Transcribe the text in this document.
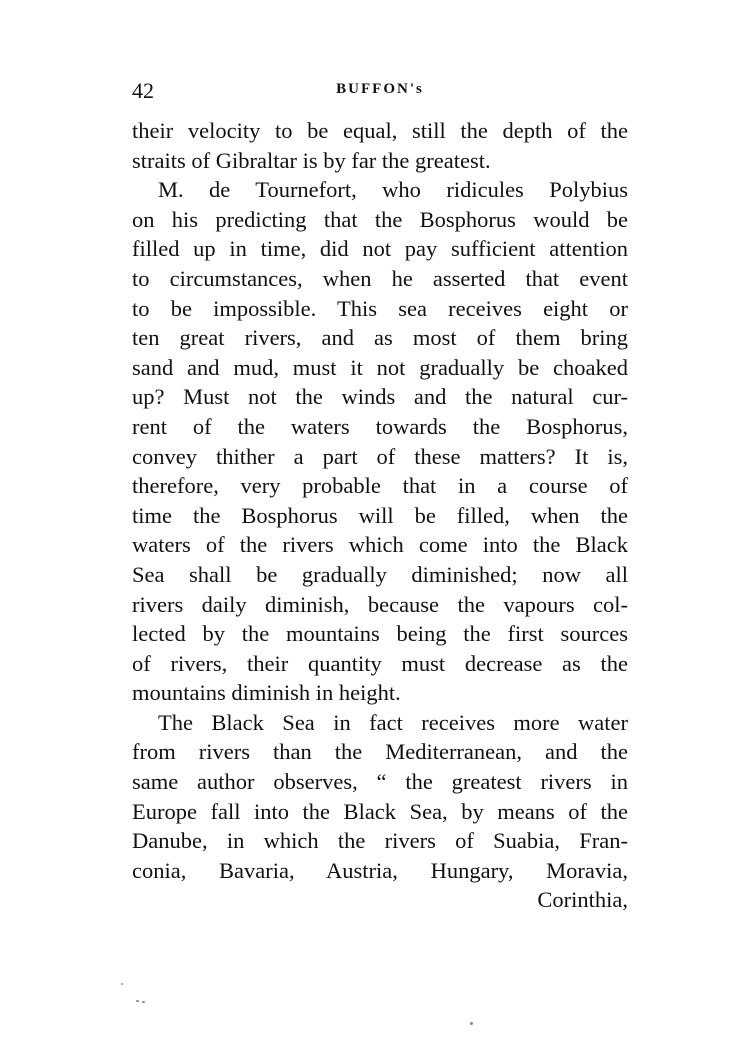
42	BUFFON's
their velocity to be equal, still the depth of the
straits of Gibraltar is by far the greatest.
M. de Tournefort, who ridicules Polybius
on his predicting that the Bosphorus would be
filled up in time, did not pay sufficient attention
to circumstances, when he asserted that event
to be impossible. This sea receives eight or
ten great rivers, and as most of them bring
sand and mud, must it not gradually be choaked
up? Must not the winds and the natural cur-
rent of the waters towards the Bosphorus,
convey thither a part of these matters? It is,
therefore, very probable that in a course of
time the Bosphorus will be filled, when the
waters of the rivers which come into the Black
Sea shall be gradually diminished; now all
rivers daily diminish, because the vapours col-
lected by the mountains being the first sources
of rivers, their quantity must decrease as the
mountains diminish in height.
The Black Sea in fact receives more water
from rivers than the Mediterranean, and the
same author observes, “ the greatest rivers in
Europe fall into the Black Sea, by means of the
Danube, in which the rivers of Suabia, Fran-
conia, Bavaria, Austria, Hungary, Moravia,
Corinthia,
